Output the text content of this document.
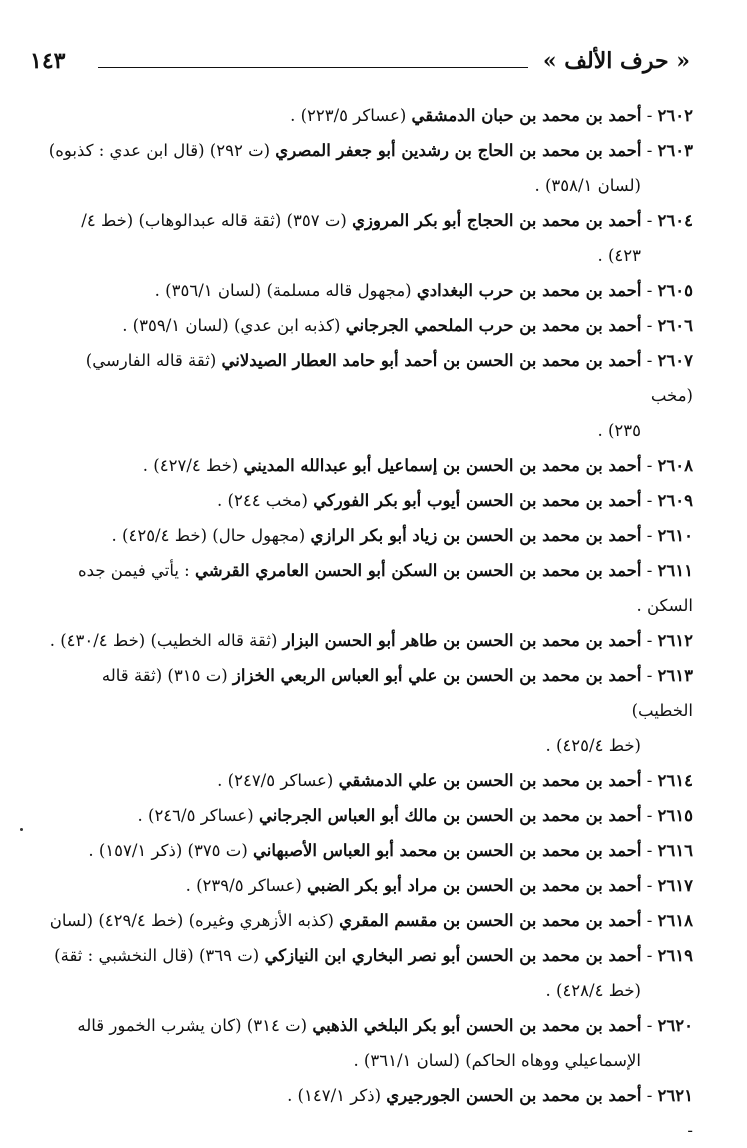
« حرف الألف »
١٤٣

٢٦٠٢ - أحمد بن محمد بن حبان الدمشقي (عساكر ٢٢٣/٥) .

٢٦٠٣ - أحمد بن محمد بن الحاج بن رشدين أبو جعفر المصري (ت ٢٩٢) (قال ابن عدي : كذبوه)
(لسان ٣٥٨/١) .

٢٦٠٤ - أحمد بن محمد بن الحجاج أبو بكر المروزي (ت ٣٥٧) (ثقة قاله عبدالوهاب) (خط ٤/
٤٢٣) .

٢٦٠٥ - أحمد بن محمد بن حرب البغدادي (مجهول قاله مسلمة) (لسان ٣٥٦/١) .

٢٦٠٦ - أحمد بن محمد بن حرب الملحمي الجرجاني (كذبه ابن عدي) (لسان ٣٥٩/١) .

٢٦٠٧ - أحمد بن محمد بن الحسن بن أحمد أبو حامد العطار الصيدلاني (ثقة قاله الفارسي) (مخب
٢٣٥) .

٢٦٠٨ - أحمد بن محمد بن الحسن بن إسماعيل أبو عبدالله المديني (خط ٤٢٧/٤) .

٢٦٠٩ - أحمد بن محمد بن الحسن أيوب أبو بكر الفوركي (مخب ٢٤٤) .

٢٦١٠ - أحمد بن محمد بن الحسن بن زياد أبو بكر الرازي (مجهول حال) (خط ٤٢٥/٤) .

٢٦١١ - أحمد بن محمد بن الحسن بن السكن أبو الحسن العامري القرشي : يأتي فيمن جده السكن .

٢٦١٢ - أحمد بن محمد بن الحسن بن طاهر أبو الحسن البزار (ثقة قاله الخطيب) (خط ٤٣٠/٤) .

٢٦١٣ - أحمد بن محمد بن الحسن بن علي أبو العباس الربعي الخزاز (ت ٣١٥) (ثقة قاله الخطيب)
(خط ٤٢٥/٤) .

٢٦١٤ - أحمد بن محمد بن الحسن بن علي الدمشقي (عساكر ٢٤٧/٥) .

٢٦١٥ - أحمد بن محمد بن الحسن بن مالك أبو العباس الجرجاني (عساكر ٢٤٦/٥) .

٢٦١٦ - أحمد بن محمد بن الحسن بن محمد أبو العباس الأصبهاني (ت ٣٧٥) (ذكر ١٥٧/١) .

٢٦١٧ - أحمد بن محمد بن الحسن بن مراد أبو بكر الضبي (عساكر ٢٣٩/٥) .

٢٦١٨ - أحمد بن محمد بن الحسن بن مقسم المقري (كذبه الأزهري وغيره) (خط ٤٢٩/٤) (لسان

٢٦١٩ - أحمد بن محمد بن الحسن أبو نصر البخاري ابن النيازكي (ت ٣٦٩) (قال النخشبي : ثقة)
(خط ٤٢٨/٤) .

٢٦٢٠ - أحمد بن محمد بن الحسن أبو بكر البلخي الذهبي (ت ٣١٤) (كان يشرب الخمور قاله
الإسماعيلي ووهاه الحاكم) (لسان ٣٦١/١) .

٢٦٢١ - أحمد بن محمد بن الحسن الجورجيري (ذكر ١٤٧/١) .

-
